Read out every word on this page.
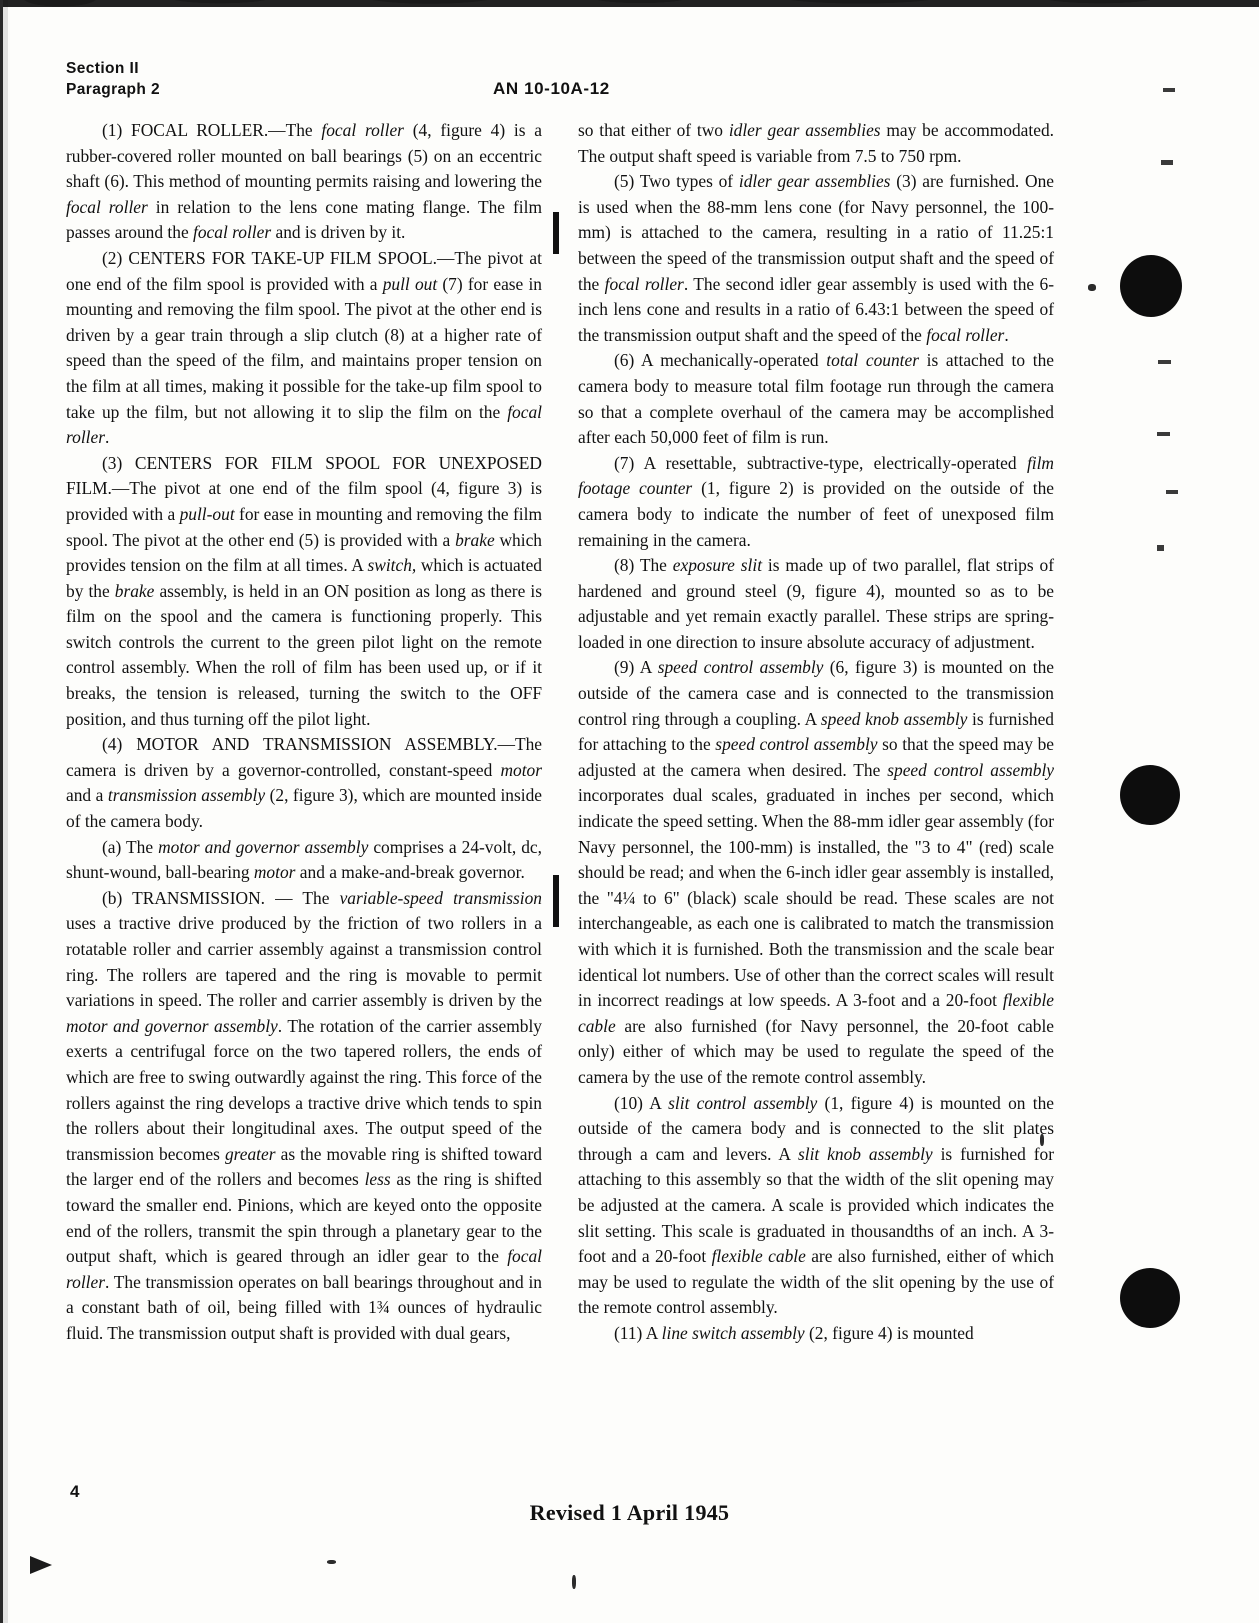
Section II
Paragraph 2	AN 10-10A-12

(1) FOCAL ROLLER.—The focal roller (4, figure 4) is a rubber-covered roller mounted on ball bearings (5) on an eccentric shaft (6). This method of mounting permits raising and lowering the focal roller in relation to the lens cone mating flange. The film passes around the focal roller and is driven by it.

(2) CENTERS FOR TAKE-UP FILM SPOOL.—The pivot at one end of the film spool is provided with a pull out (7) for ease in mounting and removing the film spool. The pivot at the other end is driven by a gear train through a slip clutch (8) at a higher rate of speed than the speed of the film, and maintains proper tension on the film at all times, making it possible for the take-up film spool to take up the film, but not allowing it to slip the film on the focal roller.

(3) CENTERS FOR FILM SPOOL FOR UNEXPOSED FILM.—The pivot at one end of the film spool (4, figure 3) is provided with a pull-out for ease in mounting and removing the film spool. The pivot at the other end (5) is provided with a brake which provides tension on the film at all times. A switch, which is actuated by the brake assembly, is held in an ON position as long as there is film on the spool and the camera is functioning properly. This switch controls the current to the green pilot light on the remote control assembly. When the roll of film has been used up, or if it breaks, the tension is released, turning the switch to the OFF position, and thus turning off the pilot light.

(4) MOTOR AND TRANSMISSION ASSEMBLY.—The camera is driven by a governor-controlled, constant-speed motor and a transmission assembly (2, figure 3), which are mounted inside of the camera body.

(a) The motor and governor assembly comprises a 24-volt, dc, shunt-wound, ball-bearing motor and a make-and-break governor.

(b) TRANSMISSION. — The variable-speed transmission uses a tractive drive produced by the friction of two rollers in a rotatable roller and carrier assembly against a transmission control ring. The rollers are tapered and the ring is movable to permit variations in speed. The roller and carrier assembly is driven by the motor and governor assembly. The rotation of the carrier assembly exerts a centrifugal force on the two tapered rollers, the ends of which are free to swing outwardly against the ring. This force of the rollers against the ring develops a tractive drive which tends to spin the rollers about their longitudinal axes. The output speed of the transmission becomes greater as the movable ring is shifted toward the larger end of the rollers and becomes less as the ring is shifted toward the smaller end. Pinions, which are keyed onto the opposite end of the rollers, transmit the spin through a planetary gear to the output shaft, which is geared through an idler gear to the focal roller. The transmission operates on ball bearings throughout and in a constant bath of oil, being filled with 1¾ ounces of hydraulic fluid. The transmission output shaft is provided with dual gears,

so that either of two idler gear assemblies may be accommodated. The output shaft speed is variable from 7.5 to 750 rpm.

(5) Two types of idler gear assemblies (3) are furnished. One is used when the 88-mm lens cone (for Navy personnel, the 100-mm) is attached to the camera, resulting in a ratio of 11.25:1 between the speed of the transmission output shaft and the speed of the focal roller. The second idler gear assembly is used with the 6-inch lens cone and results in a ratio of 6.43:1 between the speed of the transmission output shaft and the speed of the focal roller.

(6) A mechanically-operated total counter is attached to the camera body to measure total film footage run through the camera so that a complete overhaul of the camera may be accomplished after each 50,000 feet of film is run.

(7) A resettable, subtractive-type, electrically-operated film footage counter (1, figure 2) is provided on the outside of the camera body to indicate the number of feet of unexposed film remaining in the camera.

(8) The exposure slit is made up of two parallel, flat strips of hardened and ground steel (9, figure 4), mounted so as to be adjustable and yet remain exactly parallel. These strips are spring-loaded in one direction to insure absolute accuracy of adjustment.

(9) A speed control assembly (6, figure 3) is mounted on the outside of the camera case and is connected to the transmission control ring through a coupling. A speed knob assembly is furnished for attaching to the speed control assembly so that the speed may be adjusted at the camera when desired. The speed control assembly incorporates dual scales, graduated in inches per second, which indicate the speed setting. When the 88-mm idler gear assembly (for Navy personnel, the 100-mm) is installed, the "3 to 4" (red) scale should be read; and when the 6-inch idler gear assembly is installed, the "4¼ to 6" (black) scale should be read. These scales are not interchangeable, as each one is calibrated to match the transmission with which it is furnished. Both the transmission and the scale bear identical lot numbers. Use of other than the correct scales will result in incorrect readings at low speeds. A 3-foot and a 20-foot flexible cable are also furnished (for Navy personnel, the 20-foot cable only) either of which may be used to regulate the speed of the camera by the use of the remote control assembly.

(10) A slit control assembly (1, figure 4) is mounted on the outside of the camera body and is connected to the slit plates through a cam and levers. A slit knob assembly is furnished for attaching to this assembly so that the width of the slit opening may be adjusted at the camera. A scale is provided which indicates the slit setting. This scale is graduated in thousandths of an inch. A 3-foot and a 20-foot flexible cable are also furnished, either of which may be used to regulate the width of the slit opening by the use of the remote control assembly.

(11) A line switch assembly (2, figure 4) is mounted

4
Revised 1 April 1945
